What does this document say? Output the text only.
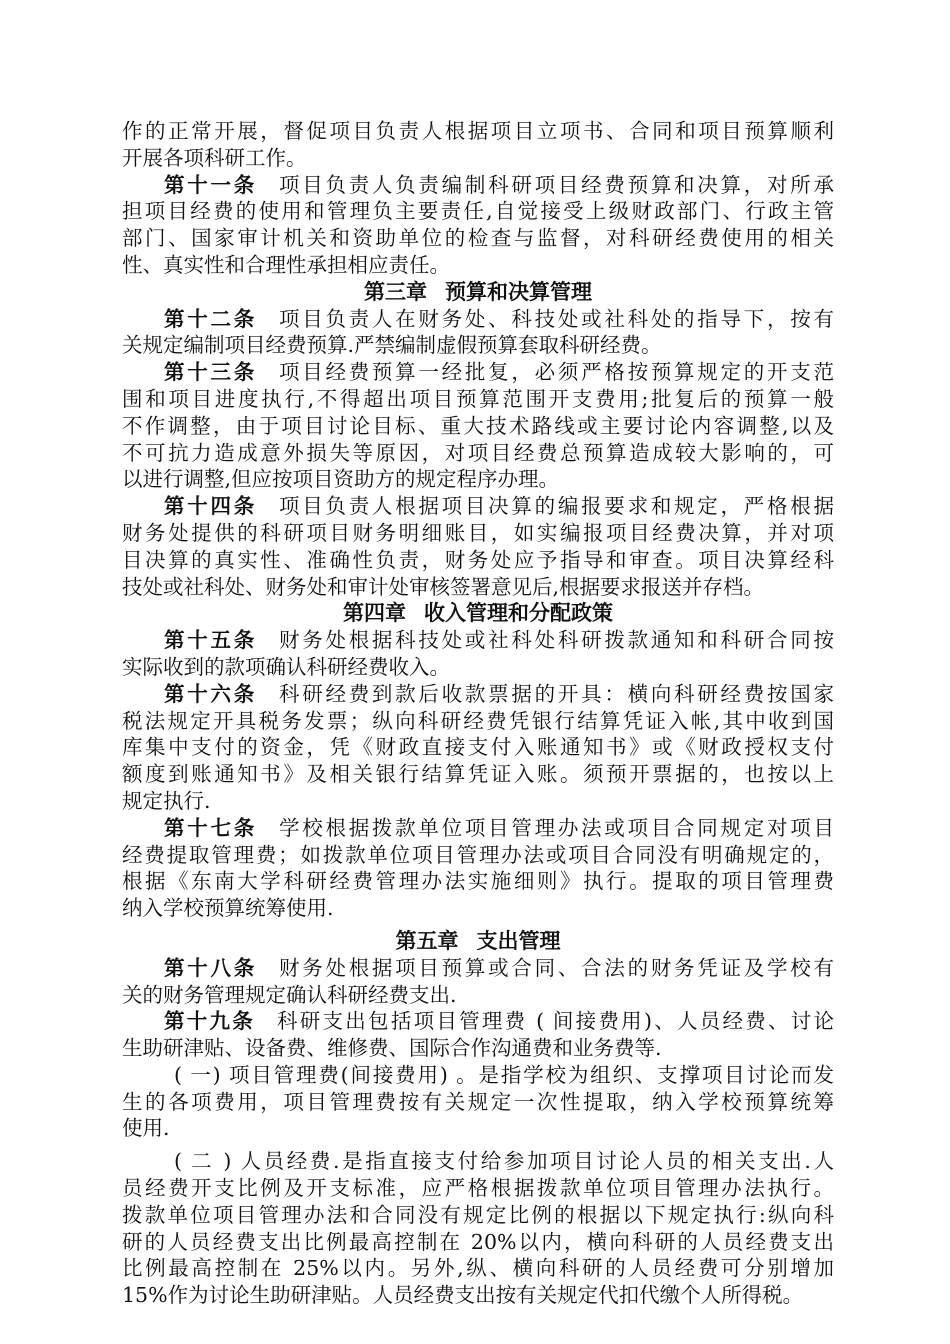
作的正常开展，督促项目负责人根据项目立项书、合同和项目预算顺利
开展各项科研工作。
第十一条 项目负责人负责编制科研项目经费预算和决算，对所承
担项目经费的使用和管理负主要责任,自觉接受上级财政部门、行政主管
部门、国家审计机关和资助单位的检查与监督，对科研经费使用的相关
性、真实性和合理性承担相应责任。
第三章 预算和决算管理
第十二条 项目负责人在财务处、科技处或社科处的指导下，按有
关规定编制项目经费预算.严禁编制虚假预算套取科研经费。
第十三条 项目经费预算一经批复，必须严格按预算规定的开支范
围和项目进度执行,不得超出项目预算范围开支费用;批复后的预算一般
不作调整，由于项目讨论目标、重大技术路线或主要讨论内容调整,以及
不可抗力造成意外损失等原因，对项目经费总预算造成较大影响的，可
以进行调整,但应按项目资助方的规定程序办理。
第十四条 项目负责人根据项目决算的编报要求和规定，严格根据
财务处提供的科研项目财务明细账目，如实编报项目经费决算，并对项
目决算的真实性、准确性负责，财务处应予指导和审查。项目决算经科
技处或社科处、财务处和审计处审核签署意见后,根据要求报送并存档。
第四章 收入管理和分配政策
第十五条 财务处根据科技处或社科处科研拨款通知和科研合同按
实际收到的款项确认科研经费收入。
第十六条 科研经费到款后收款票据的开具：横向科研经费按国家
税法规定开具税务发票；纵向科研经费凭银行结算凭证入帐,其中收到国
库集中支付的资金，凭《财政直接支付入账通知书》或《财政授权支付
额度到账通知书》及相关银行结算凭证入账。须预开票据的，也按以上
规定执行.
第十七条 学校根据拨款单位项目管理办法或项目合同规定对项目
经费提取管理费；如拨款单位项目管理办法或项目合同没有明确规定的，
根据《东南大学科研经费管理办法实施细则》执行。提取的项目管理费
纳入学校预算统筹使用.
第五章 支出管理
第十八条 财务处根据项目预算或合同、合法的财务凭证及学校有
关的财务管理规定确认科研经费支出.
第十九条 科研支出包括项目管理费 ( 间接费用)、人员经费、讨论
生助研津贴、设备费、维修费、国际合作沟通费和业务费等.
( 一) 项目管理费(间接费用) 。是指学校为组织、支撑项目讨论而发
生的各项费用，项目管理费按有关规定一次性提取，纳入学校预算统筹
使用.
( 二 ) 人员经费.是指直接支付给参加项目讨论人员的相关支出.人
员经费开支比例及开支标准，应严格根据拨款单位项目管理办法执行。
拨款单位项目管理办法和合同没有规定比例的根据以下规定执行:纵向科
研的人员经费支出比例最高控制在 20%以内，横向科研的人员经费支出
比例最高控制在 25%以内。另外,纵、横向科研的人员经费可分别增加
15%作为讨论生助研津贴。人员经费支出按有关规定代扣代缴个人所得税。
